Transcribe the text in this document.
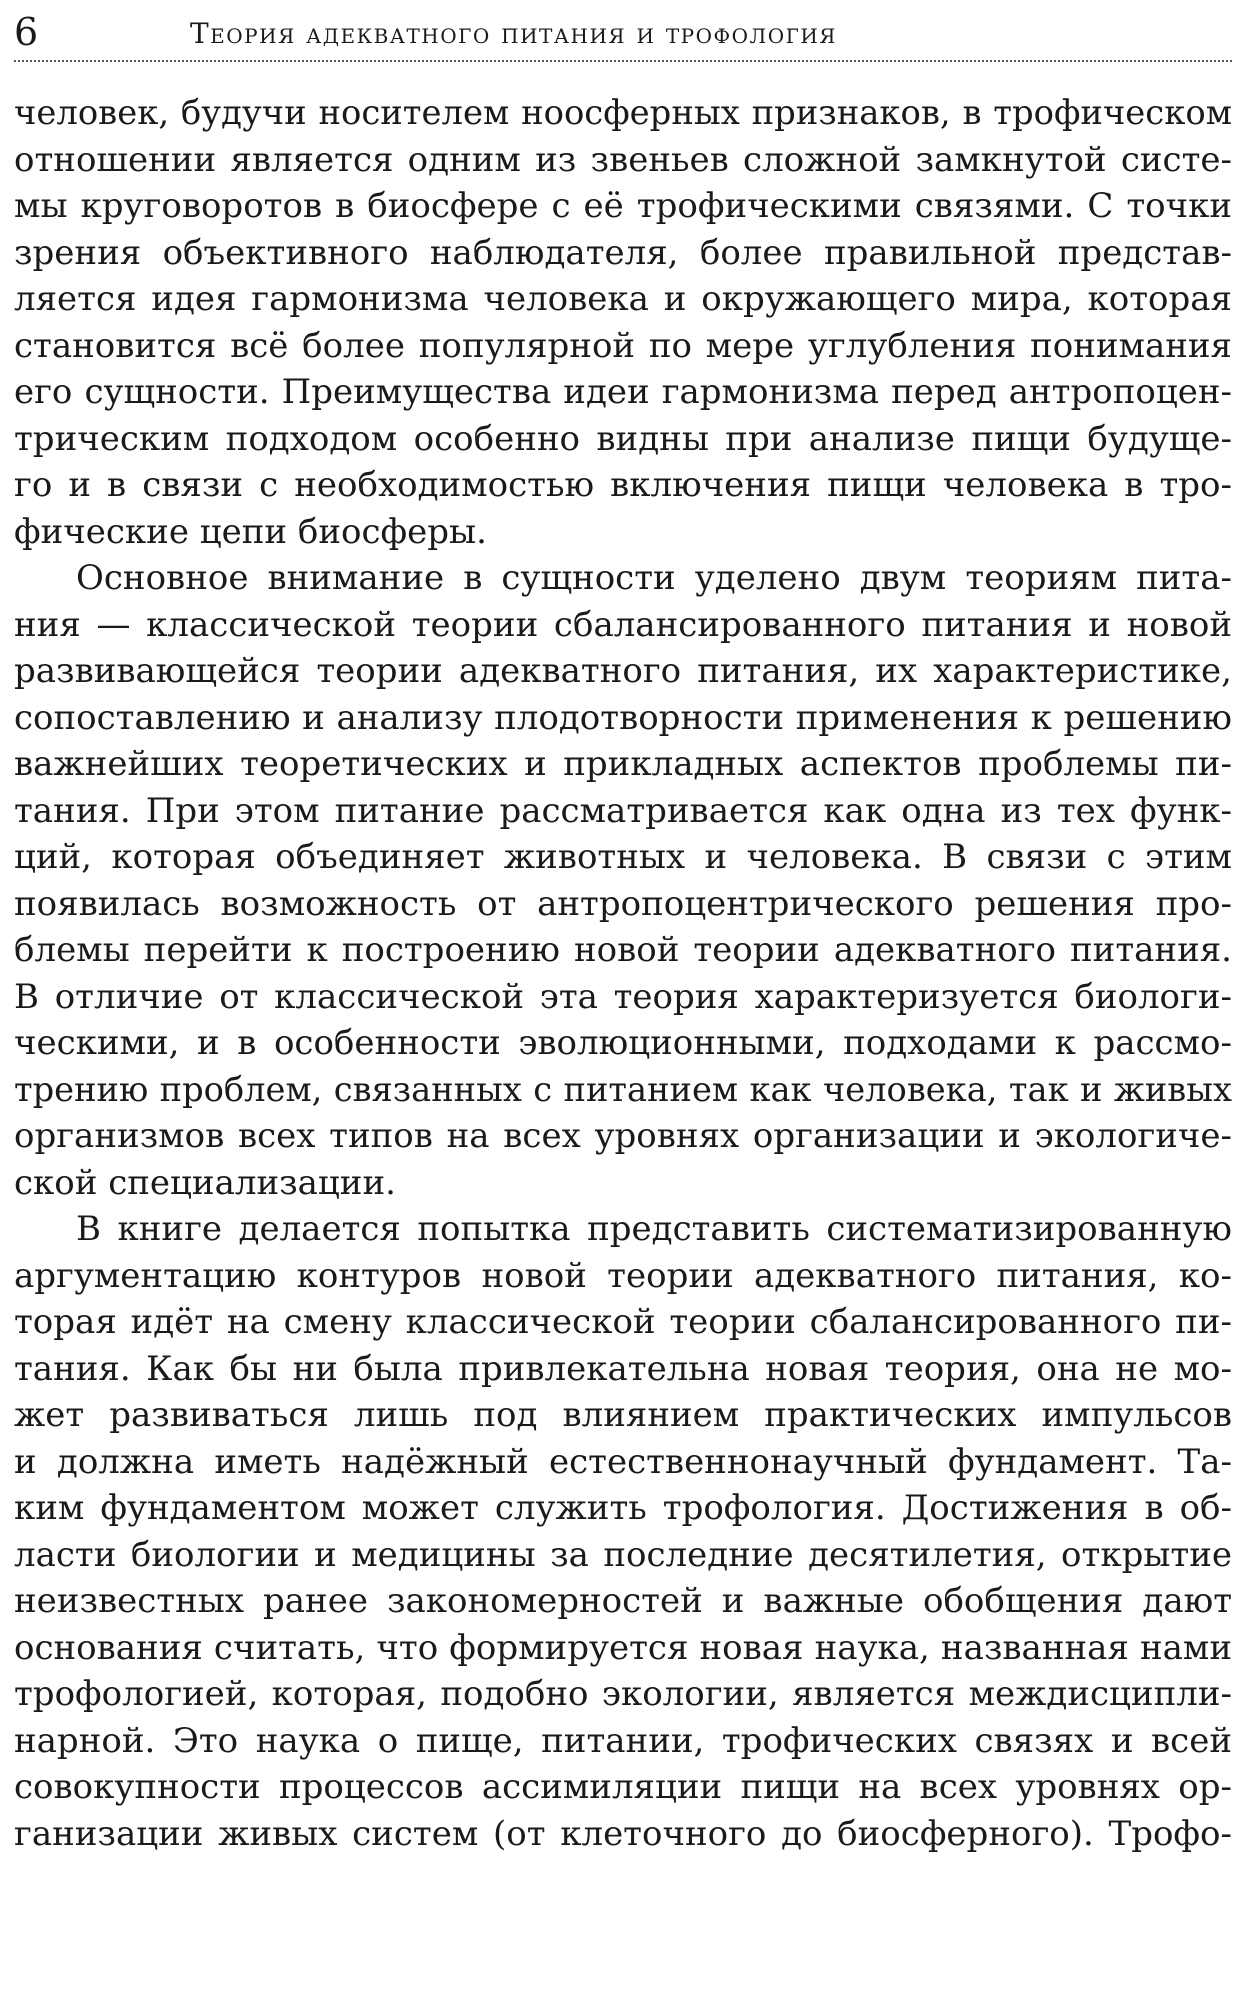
6	Теория адекватного питания и трофология
человек, будучи носителем ноосферных признаков, в трофическом
отношении является одним из звеньев сложной замкнутой систе-
мы круговоротов в биосфере с её трофическими связями. С точки
зрения объективного наблюдателя, более правильной представ-
ляется идея гармонизма человека и окружающего мира, которая
становится всё более популярной по мере углубления понимания
его сущности. Преимущества идеи гармонизма перед антропоцен-
трическим подходом особенно видны при анализе пищи будуще-
го и в связи с необходимостью включения пищи человека в тро-
фические цепи биосферы.
Основное внимание в сущности уделено двум теориям пита-
ния — классической теории сбалансированного питания и новой
развивающейся теории адекватного питания, их характеристике,
сопоставлению и анализу плодотворности применения к решению
важнейших теоретических и прикладных аспектов проблемы пи-
тания. При этом питание рассматривается как одна из тех функ-
ций, которая объединяет животных и человека. В связи с этим
появилась возможность от антропоцентрического решения про-
блемы перейти к построению новой теории адекватного питания.
В отличие от классической эта теория характеризуется биологи-
ческими, и в особенности эволюционными, подходами к рассмо-
трению проблем, связанных с питанием как человека, так и живых
организмов всех типов на всех уровнях организации и экологиче-
ской специализации.
В книге делается попытка представить систематизированную
аргументацию контуров новой теории адекватного питания, ко-
торая идёт на смену классической теории сбалансированного пи-
тания. Как бы ни была привлекательна новая теория, она не мо-
жет развиваться лишь под влиянием практических импульсов
и должна иметь надёжный естественнонаучный фундамент. Та-
ким фундаментом может служить трофология. Достижения в об-
ласти биологии и медицины за последние десятилетия, открытие
неизвестных ранее закономерностей и важные обобщения дают
основания считать, что формируется новая наука, названная нами
трофологией, которая, подобно экологии, является междисципли-
нарной. Это наука о пище, питании, трофических связях и всей
совокупности процессов ассимиляции пищи на всех уровнях ор-
ганизации живых систем (от клеточного до биосферного). Трофо-
